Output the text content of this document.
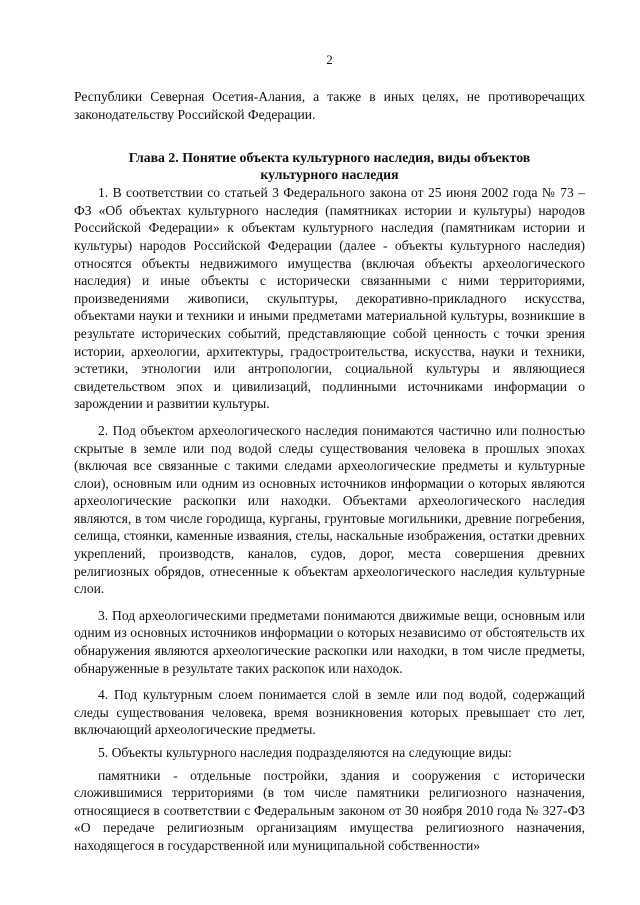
2

Республики Северная Осетия-Алания, а также в иных целях, не противоречащих законодательству Российской Федерации.

Глава 2. Понятие объекта культурного наследия, виды объектов культурного наследия

1. В соответствии со статьей 3 Федерального закона от 25 июня 2002 года № 73 – ФЗ «Об объектах культурного наследия (памятниках истории и культуры) народов Российской Федерации» к объектам культурного наследия (памятникам истории и культуры) народов Российской Федерации (далее - объекты культурного наследия) относятся объекты недвижимого имущества (включая объекты археологического наследия) и иные объекты с исторически связанными с ними территориями, произведениями живописи, скульптуры, декоративно-прикладного искусства, объектами науки и техники и иными предметами материальной культуры, возникшие в результате исторических событий, представляющие собой ценность с точки зрения истории, археологии, архитектуры, градостроительства, искусства, науки и техники, эстетики, этнологии или антропологии, социальной культуры и являющиеся свидетельством эпох и цивилизаций, подлинными источниками информации о зарождении и развитии культуры.

2. Под объектом археологического наследия понимаются частично или полностью скрытые в земле или под водой следы существования человека в прошлых эпохах (включая все связанные с такими следами археологические предметы и культурные слои), основным или одним из основных источников информации о которых являются археологические раскопки или находки. Объектами археологического наследия являются, в том числе городища, курганы, грунтовые могильники, древние погребения, селища, стоянки, каменные изваяния, стелы, наскальные изображения, остатки древних укреплений, производств, каналов, судов, дорог, места совершения древних религиозных обрядов, отнесенные к объектам археологического наследия культурные слои.

3. Под археологическими предметами понимаются движимые вещи, основным или одним из основных источников информации о которых независимо от обстоятельств их обнаружения являются археологические раскопки или находки, в том числе предметы, обнаруженные в результате таких раскопок или находок.

4. Под культурным слоем понимается слой в земле или под водой, содержащий следы существования человека, время возникновения которых превышает сто лет, включающий археологические предметы.

5. Объекты культурного наследия подразделяются на следующие виды:

памятники - отдельные постройки, здания и сооружения с исторически сложившимися территориями (в том числе памятники религиозного назначения, относящиеся в соответствии с Федеральным законом от 30 ноября 2010 года № 327-ФЗ «О передаче религиозным организациям имущества религиозного назначения, находящегося в государственной или муниципальной собственности»
